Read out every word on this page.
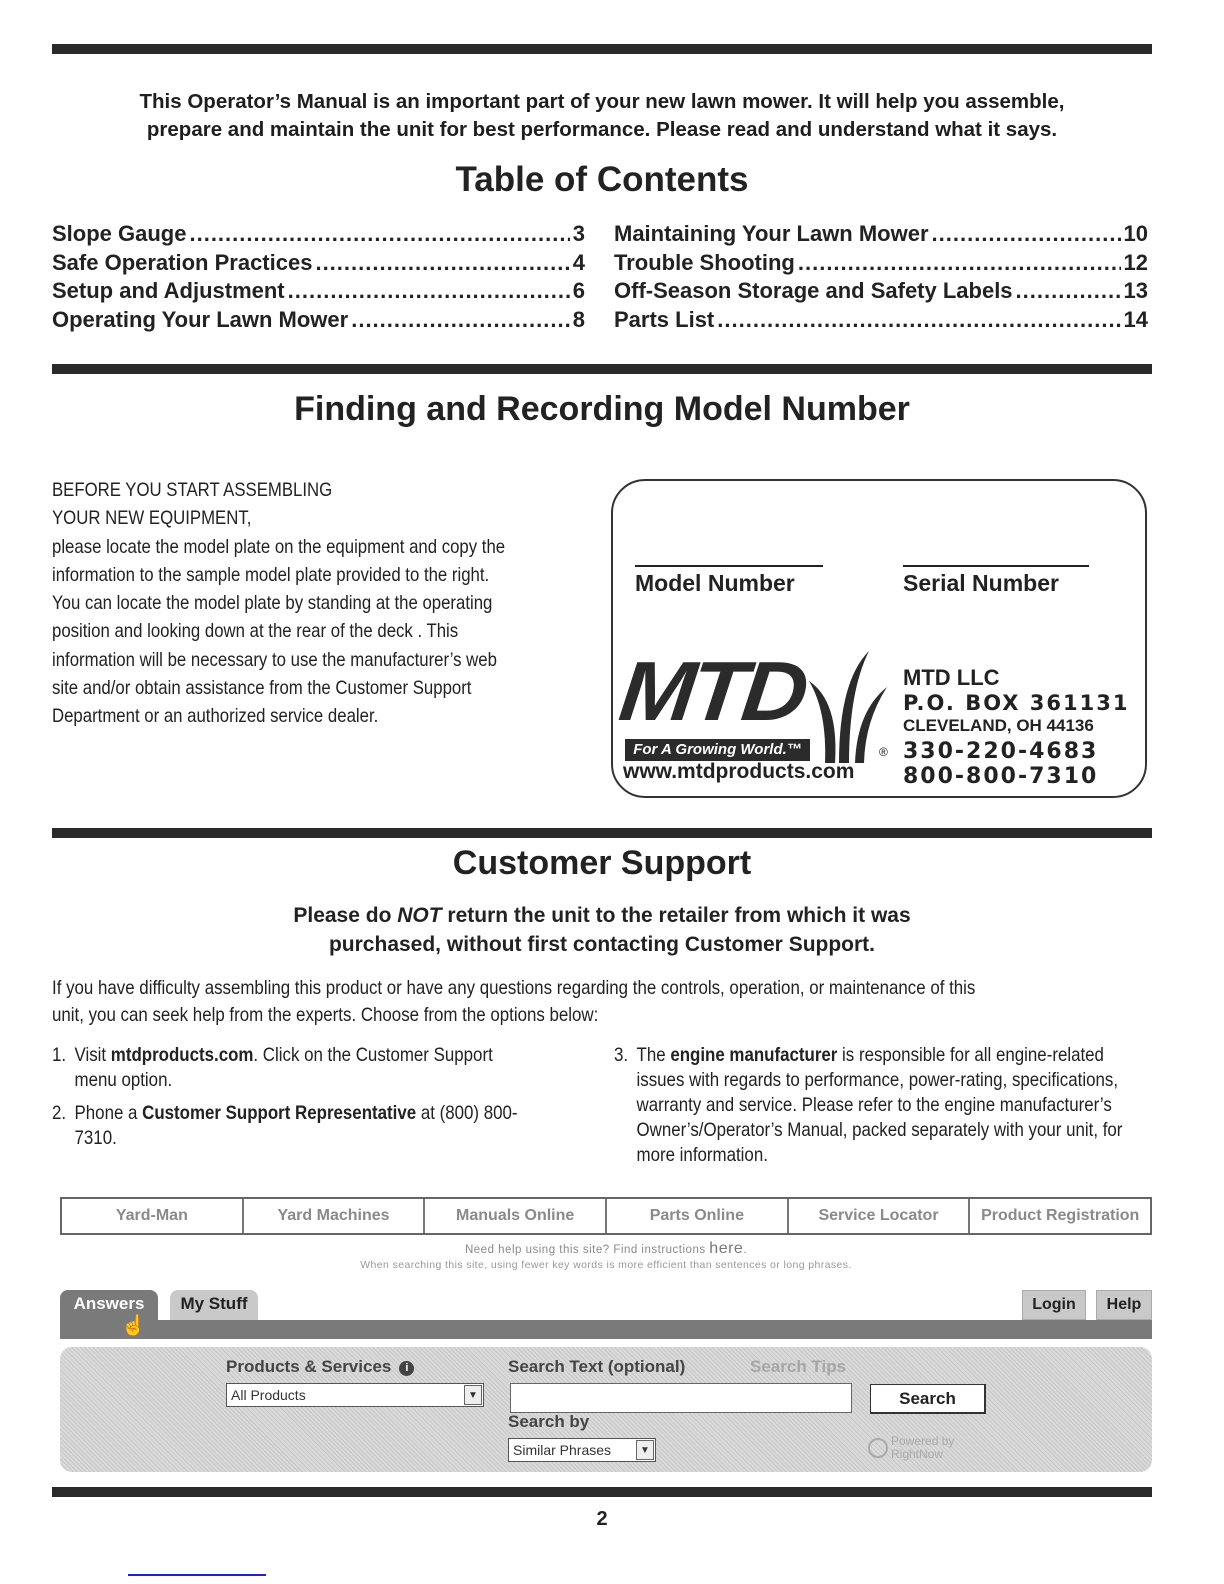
This Operator’s Manual is an important part of your new lawn mower. It will help you assemble,
prepare and maintain the unit for best performance. Please read and understand what it says.
Table of Contents
Slope Gauge .....	3
Safe Operation Practices .....	4
Setup and Adjustment .....	6
Operating Your Lawn Mower .....	8
Maintaining Your Lawn Mower .....	10
Trouble Shooting .....	12
Off-Season Storage and Safety Labels .....	13
Parts List .....	14
Finding and Recording Model Number
BEFORE YOU START ASSEMBLING
YOUR NEW EQUIPMENT,
please locate the model plate on the equipment and copy the
information to the sample model plate provided to the right.
You can locate the model plate by standing at the operating
position and looking down at the rear of the deck . This
information will be necessary to use the manufacturer’s web
site and/or obtain assistance from the Customer Support
Department or an authorized service dealer.
Model Number	Serial Number
MTD
For A Growing World.™	®
www.mtdproducts.com
MTD LLC
P.O. BOX 361131
CLEVELAND, OH 44136
330-220-4683
800-800-7310
Customer Support
Please do NOT return the unit to the retailer from which it was
purchased, without first contacting Customer Support.
If you have difficulty assembling this product or have any questions regarding the controls, operation, or maintenance of this
unit, you can seek help from the experts. Choose from the options below:
1. Visit mtdproducts.com. Click on the Customer Support menu option.
2. Phone a Customer Support Representative at (800) 800-7310.
3. The engine manufacturer is responsible for all engine-related issues with regards to performance, power-rating, specifications, warranty and service. Please refer to the engine manufacturer’s Owner’s/Operator’s Manual, packed separately with your unit, for more information.
Yard-Man	Yard Machines	Manuals Online	Parts Online	Service Locator	Product Registration
Need help using this site? Find instructions here.
When searching this site, using fewer key words is more efficient than sentences or long phrases.
Answers
☝
My Stuff	Login	Help
Products & Services i
All Products	▼
Search Text (optional)	Search Tips
Search
Search by
Similar Phrases	▼
Powered by
RightNow
2
